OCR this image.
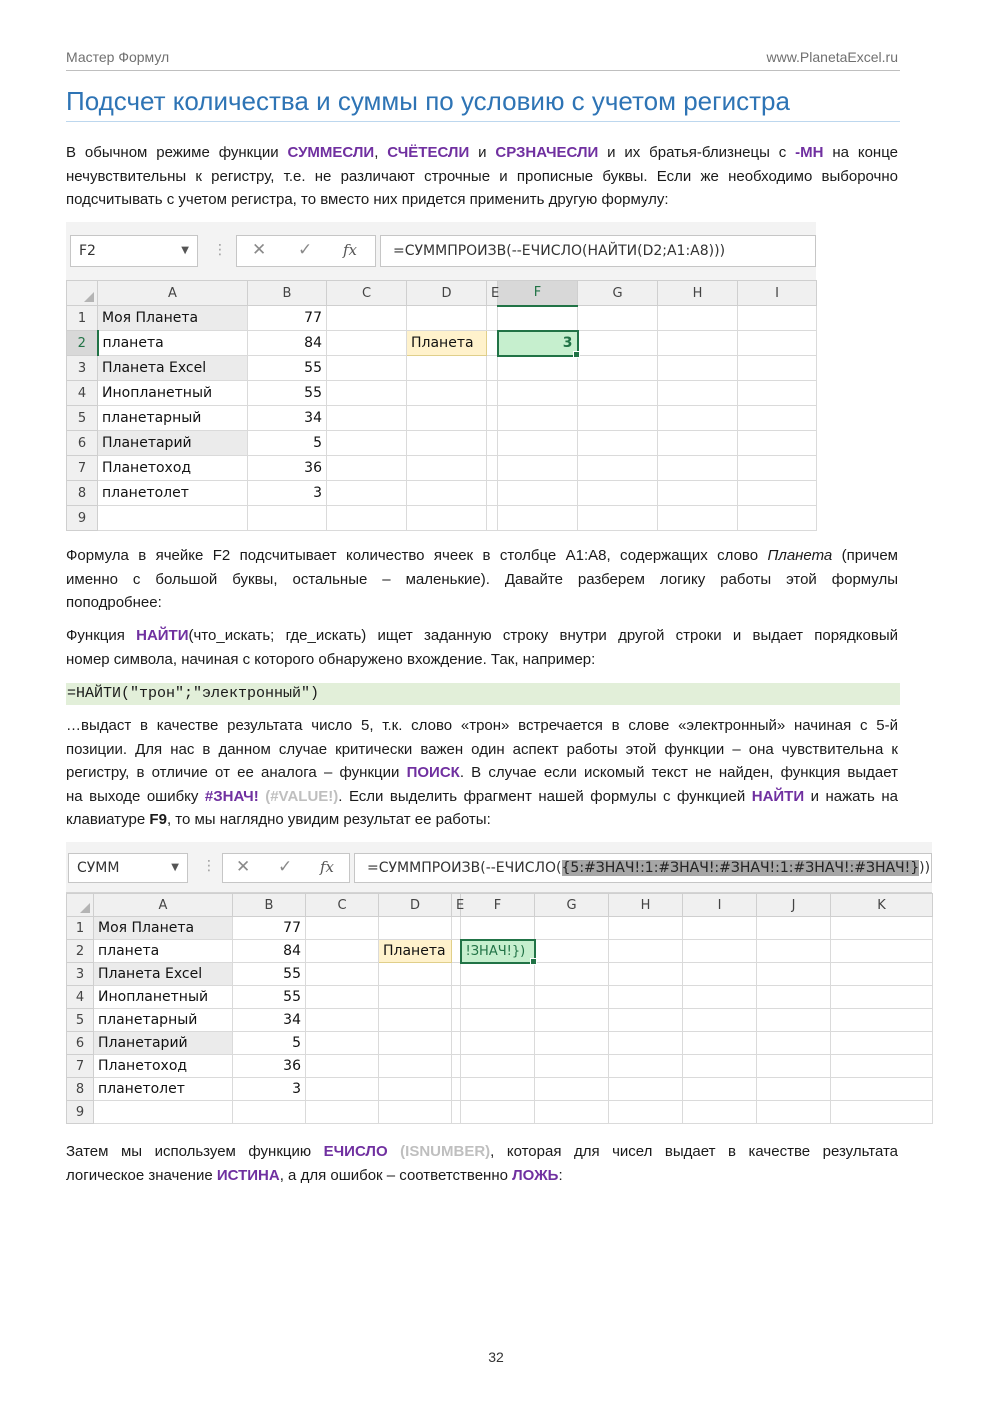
Мастер Формул	www.PlanetaExcel.ru
Подсчет количества и суммы по условию с учетом регистра
В обычном режиме функции СУММЕСЛИ, СЧЁТЕСЛИ и СРЗНАЧЕСЛИ и их братья-близнецы с -МН на конце
нечувствительны к регистру, т.е. не различают строчные и прописные буквы. Если же необходимо выборочно
подсчитывать с учетом регистра, то вместо них придется применить другую формулу:
F2	▼ ⋮ ✕ ✓ fx	=СУММПРОИЗВ(--ЕЧИСЛО(НАЙТИ(D2;A1:A8)))
	A	B	C	D	E	F	G	H	I
1	Моя Планета	77							
2	планета	84		Планета		3

3	Планета Excel	55							
4	Инопланетный	55							
5	планетарный	34							
6	Планетарий	5							
7	Планетоход	36							
8	планетолет	3							
9									
Формула в ячейке F2 подсчитывает количество ячеек в столбце A1:A8, содержащих слово Планета (причем
именно с большой буквы, остальные – маленькие). Давайте разберем логику работы этой формулы
поподробнее:
Функция НАЙТИ(что_искать; где_искать) ищет заданную строку внутри другой строки и выдает порядковый
номер символа, начиная с которого обнаружено вхождение. Так, например:
=НАЙТИ("трон";"электронный")
…выдаст в качестве результата число 5, т.к. слово «трон» встречается в слове «электронный» начиная с 5-й
позиции. Для нас в данном случае критически важен один аспект работы этой функции – она чувствительна к
регистру, в отличие от ее аналога – функции ПОИСК. В случае если искомый текст не найден, функция выдает
на выходе ошибку #ЗНАЧ! (#VALUE!). Если выделить фрагмент нашей формулы с функцией НАЙТИ и нажать на
клавиатуре F9, то мы наглядно увидим результат ее работы:
СУММ	▼ ⋮ ✕ ✓ fx	=СУММПРОИЗВ(--ЕЧИСЛО({5:#ЗНАЧ!:1:#ЗНАЧ!:#ЗНАЧ!:1:#ЗНАЧ!:#ЗНАЧ!}))
	A	B	C	D	E	F	G	H	I	J	K
1	Моя Планета	77									
2	планета	84		Планета		!ЗНАЧ!})

3	Планета Excel	55									
4	Инопланетный	55									
5	планетарный	34									
6	Планетарий	5									
7	Планетоход	36									
8	планетолет	3									
9											
Затем мы используем функцию ЕЧИСЛО (ISNUMBER), которая для чисел выдает в качестве результата
логическое значение ИСТИНА, а для ошибок – соответственно ЛОЖЬ:
32
